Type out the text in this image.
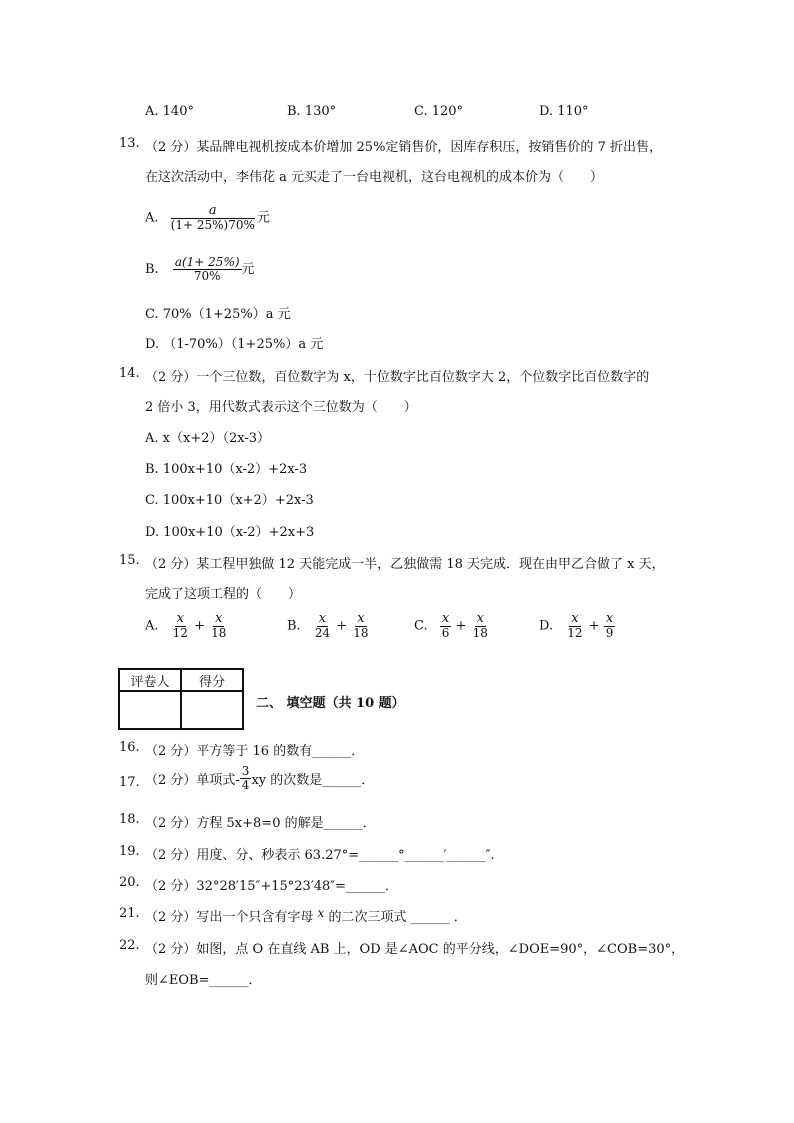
A. 140°	B. 130°	C. 120°	D. 110°
13. （2 分）某品牌电视机按成本价增加 25%定销售价，因库存积压，按销售价的 7 折出售，
在这次活动中，李伟花 a 元买走了一台电视机，这台电视机的成本价为（　　）
A. $\frac{a}{(1+ 25\%)70\%}$ 元
B. $\frac{a(1+ 25\%)}{70\%}$ 元
C. 70%（1+25%）a 元
D. （1-70%）（1+25%）a 元
14. （2 分）一个三位数，百位数字为 x，十位数字比百位数字大 2，个位数字比百位数字的
2 倍小 3，用代数式表示这个三位数为（　　）
A. x（x+2）（2x-3）
B. 100x+10（x-2）+2x-3
C. 100x+10（x+2）+2x-3
D. 100x+10（x-2）+2x+3
15. （2 分）某工程甲独做 12 天能完成一半，乙独做需 18 天完成．现在由甲乙合做了 x 天，
完成了这项工程的（　　）
A. $\frac{x}{12} + \frac{x}{18}$	B. $\frac{x}{24} + \frac{x}{18}$	C. $\frac{x}{6} + \frac{x}{18}$	D. $\frac{x}{12} + \frac{x}{9}$
评卷人	得分

二、 填空题（共 10 题）
16. （2 分）平方等于 16 的数有______．
17. （2 分）单项式- $\frac{3}{4}$ xy 的次数是______．
18. （2 分）方程 5x+8=0 的解是______．
19. （2 分）用度、分、秒表示 63.27°=______°______′______″.
20. （2 分）32°28′15″+15°23′48″=______．
21. （2 分）写出一个只含有字母 x 的二次三项式 ______ ．
22. （2 分）如图，点 O 在直线 AB 上，OD 是∠AOC 的平分线，∠DOE=90°，∠COB=30°，
则∠EOB=______．
